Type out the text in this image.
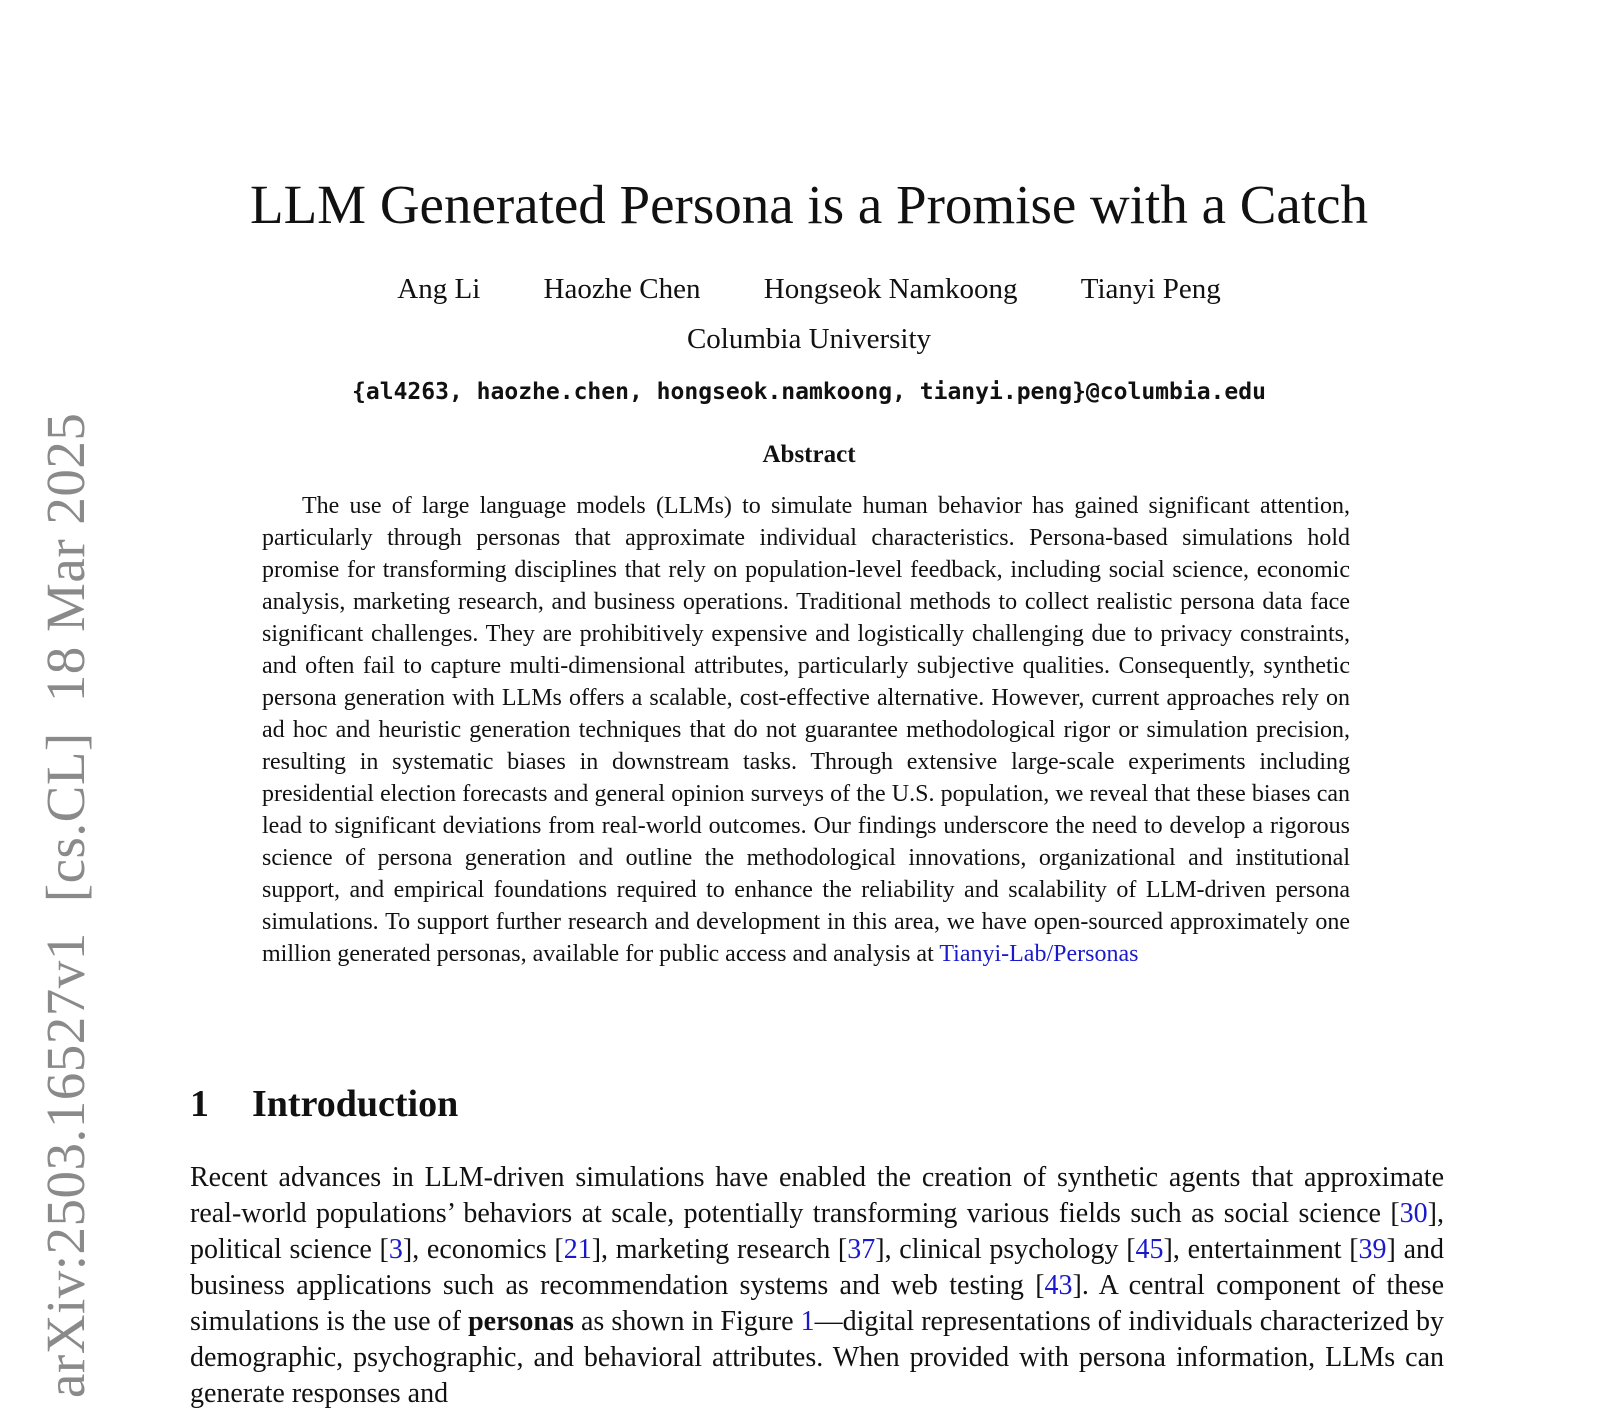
arXiv:2503.16527v1[cs.CL]18 Mar 2025
LLM Generated Persona is a Promise with a Catch
Ang Li Haozhe Chen Hongseok Namkoong Tianyi Peng
Columbia University
{al4263, haozhe.chen, hongseok.namkoong, tianyi.peng}@columbia.edu
Abstract

The use of large language models (LLMs) to simulate human behavior has gained significant attention, particularly through personas that approximate individual characteristics. Persona-based simulations hold promise for transforming disciplines that rely on population-level feedback, including social science, economic analysis, marketing research, and business operations. Traditional methods to collect realistic persona data face significant challenges. They are prohibitively expensive and logistically challenging due to privacy constraints, and often fail to capture multi-dimensional attributes, particularly subjective qualities. Consequently, synthetic persona generation with LLMs offers a scalable, cost-effective alternative. However, current approaches rely on ad hoc and heuristic generation techniques that do not guarantee methodological rigor or simulation precision, resulting in systematic biases in downstream tasks. Through extensive large-scale experiments including presidential election forecasts and general opinion surveys of the U.S. population, we reveal that these biases can lead to significant deviations from real-world outcomes. Our findings underscore the need to develop a rigorous science of persona generation and outline the methodological innovations, organizational and institutional support, and empirical foundations required to enhance the reliability and scalability of LLM-driven persona simulations. To support further research and development in this area, we have open-sourced approximately one million generated personas, available for public access and analysis at Tianyi-Lab/Personas

1 Introduction

Recent advances in LLM-driven simulations have enabled the creation of synthetic agents that approximate real-world populations’ behaviors at scale, potentially transforming various fields such as social science [30], political science [3], economics [21], marketing research [37], clinical psychology [45], entertainment [39] and business applications such as recommendation systems and web testing [43]. A central component of these simulations is the use of personas as shown in Figure 1—digital representations of individuals characterized by demographic, psychographic, and behavioral attributes. When provided with persona information, LLMs can generate responses and
